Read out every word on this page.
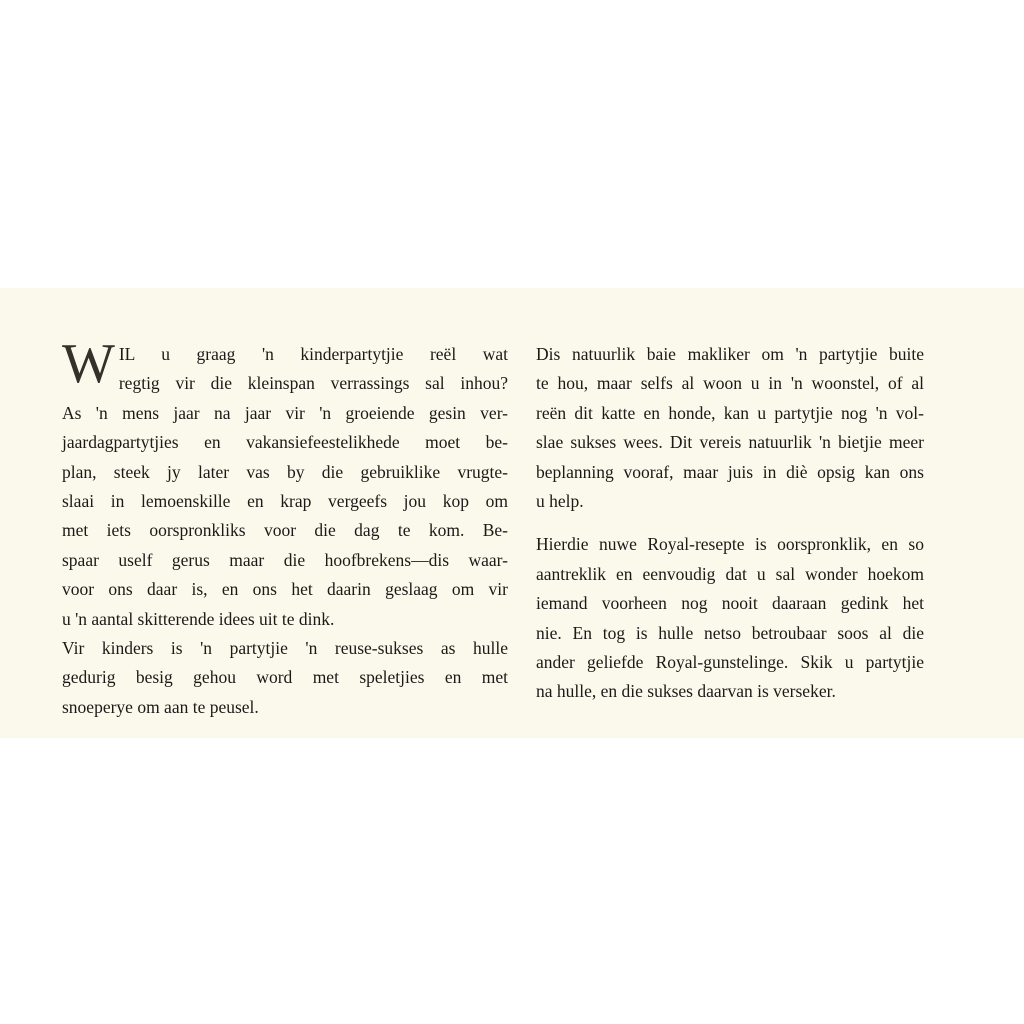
W IL u graag 'n kinderpartytjie reël wat
regtig vir die kleinspan verrassings sal inhou?
As 'n mens jaar na jaar vir 'n groeiende gesin ver-
jaardagpartytjies en vakansiefeestelikhede moet be-
plan, steek jy later vas by die gebruiklike vrugte-
slaai in lemoenskille en krap vergeefs jou kop om
met iets oorspronkliks voor die dag te kom. Be-
spaar uself gerus maar die hoofbrekens—dis waar-
voor ons daar is, en ons het daarin geslaag om vir
u 'n aantal skitterende idees uit te dink.

Vir kinders is 'n partytjie 'n reuse-sukses as hulle
gedurig besig gehou word met speletjies en met
snoeperye om aan te peusel.

Dis natuurlik baie makliker om 'n partytjie buite
te hou, maar selfs al woon u in 'n woonstel, of al
reën dit katte en honde, kan u partytjie nog 'n vol-
slae sukses wees. Dit vereis natuurlik 'n bietjie meer
beplanning vooraf, maar juis in diè opsig kan ons
u help.

Hierdie nuwe Royal-resepte is oorspronklik, en so
aantreklik en eenvoudig dat u sal wonder hoekom
iemand voorheen nog nooit daaraan gedink het
nie. En tog is hulle netso betroubaar soos al die
ander geliefde Royal-gunstelinge. Skik u partytjie
na hulle, en die sukses daarvan is verseker.
